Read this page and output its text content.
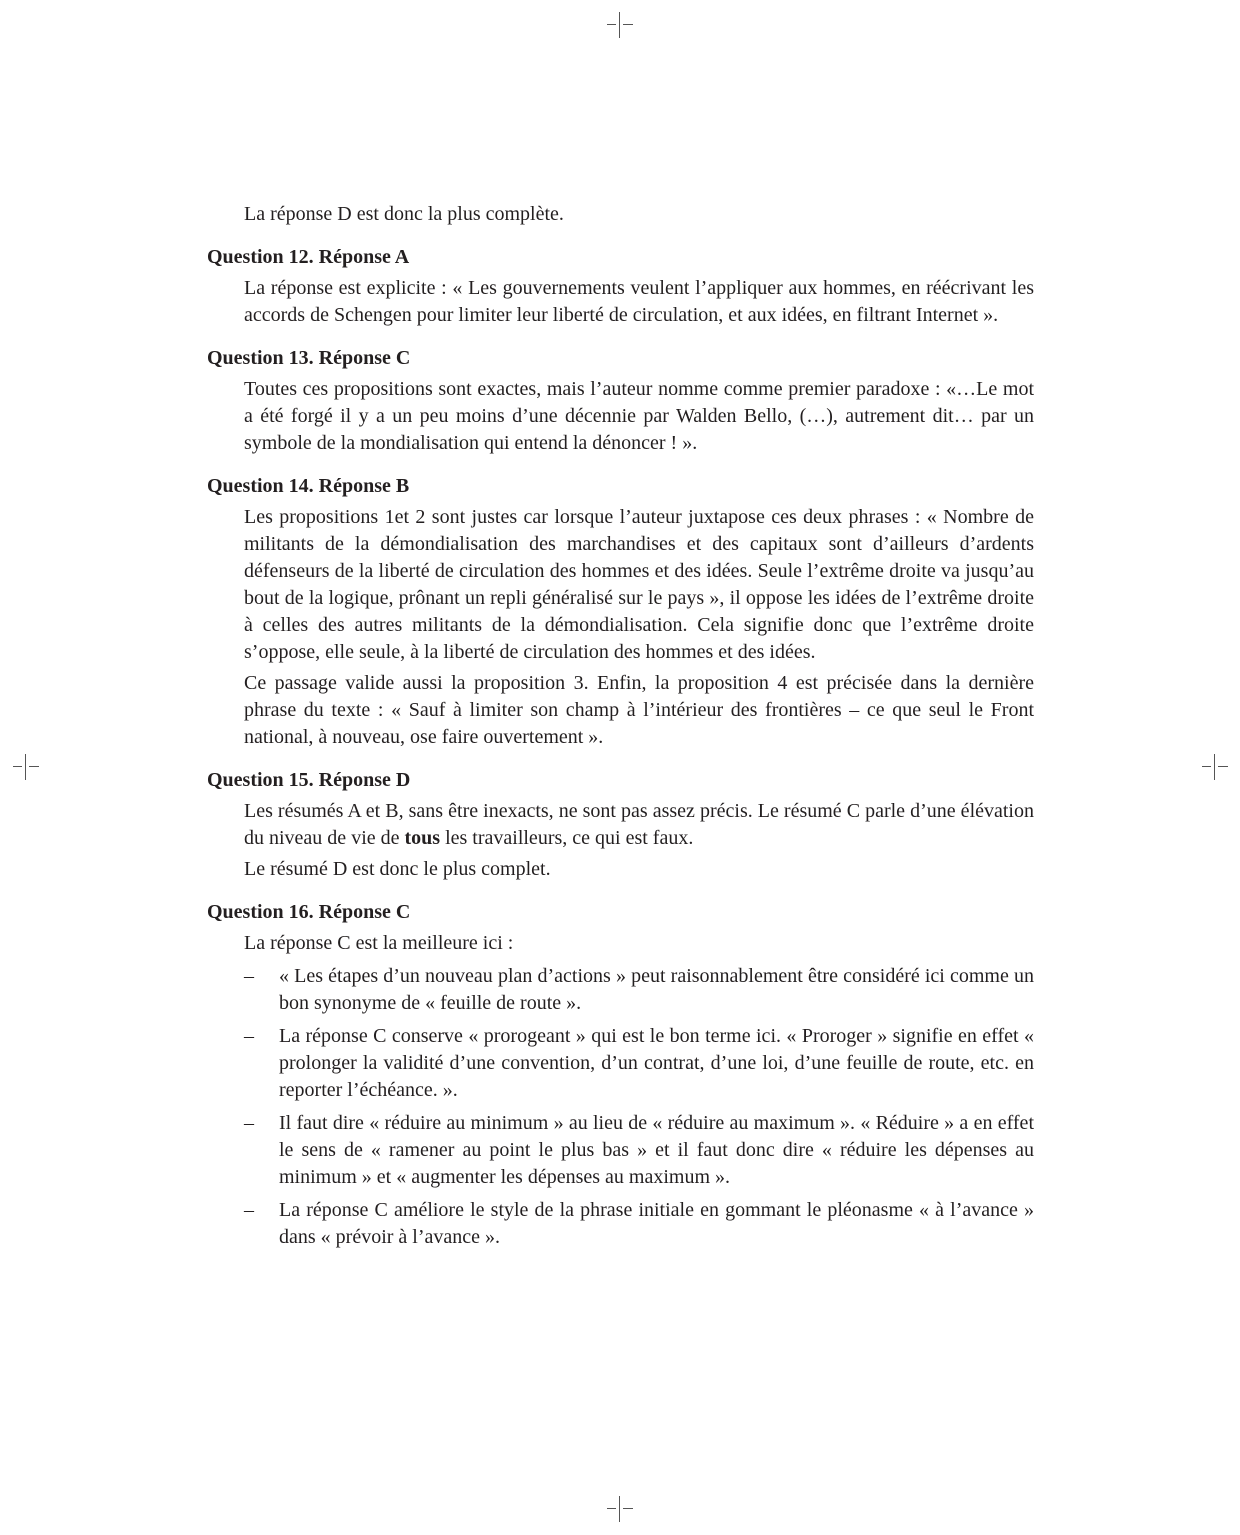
La réponse D est donc la plus complète.

Question 12. Réponse A

La réponse est explicite : « Les gouvernements veulent l’appliquer aux hommes, en réécrivant les accords de Schengen pour limiter leur liberté de circulation, et aux idées, en filtrant Internet ».

Question 13. Réponse C

Toutes ces propositions sont exactes, mais l’auteur nomme comme premier paradoxe : «…Le mot a été forgé il y a un peu moins d’une décennie par Walden Bello, (…), autrement dit… par un symbole de la mondialisation qui entend la dénoncer ! ».

Question 14. Réponse B

Les propositions 1et 2 sont justes car lorsque l’auteur juxtapose ces deux phrases : « Nombre de militants de la démondialisation des marchandises et des capitaux sont d’ailleurs d’ardents défenseurs de la liberté de circulation des hommes et des idées. Seule l’extrême droite va jusqu’au bout de la logique, prônant un repli généralisé sur le pays », il oppose les idées de l’extrême droite à celles des autres militants de la démondialisation. Cela signifie donc que l’extrême droite s’oppose, elle seule, à la liberté de circulation des hommes et des idées.

Ce passage valide aussi la proposition 3. Enfin, la proposition 4 est précisée dans la dernière phrase du texte : « Sauf à limiter son champ à l’intérieur des frontières – ce que seul le Front national, à nouveau, ose faire ouvertement ».

Question 15. Réponse D

Les résumés A et B, sans être inexacts, ne sont pas assez précis. Le résumé C parle d’une élévation du niveau de vie de tous les travailleurs, ce qui est faux.

Le résumé D est donc le plus complet.

Question 16. Réponse C

La réponse C est la meilleure ici :

– « Les étapes d’un nouveau plan d’actions » peut raisonnablement être considéré ici comme un bon synonyme de « feuille de route ».
– La réponse C conserve « prorogeant » qui est le bon terme ici. « Proroger » signifie en effet « prolonger la validité d’une convention, d’un contrat, d’une loi, d’une feuille de route, etc. en reporter l’échéance. ».
– Il faut dire « réduire au minimum » au lieu de « réduire au maximum ». « Réduire » a en effet le sens de « ramener au point le plus bas » et il faut donc dire « réduire les dépenses au minimum » et « augmenter les dépenses au maximum ».
– La réponse C améliore le style de la phrase initiale en gommant le pléonasme « à l’avance » dans « prévoir à l’avance ».
